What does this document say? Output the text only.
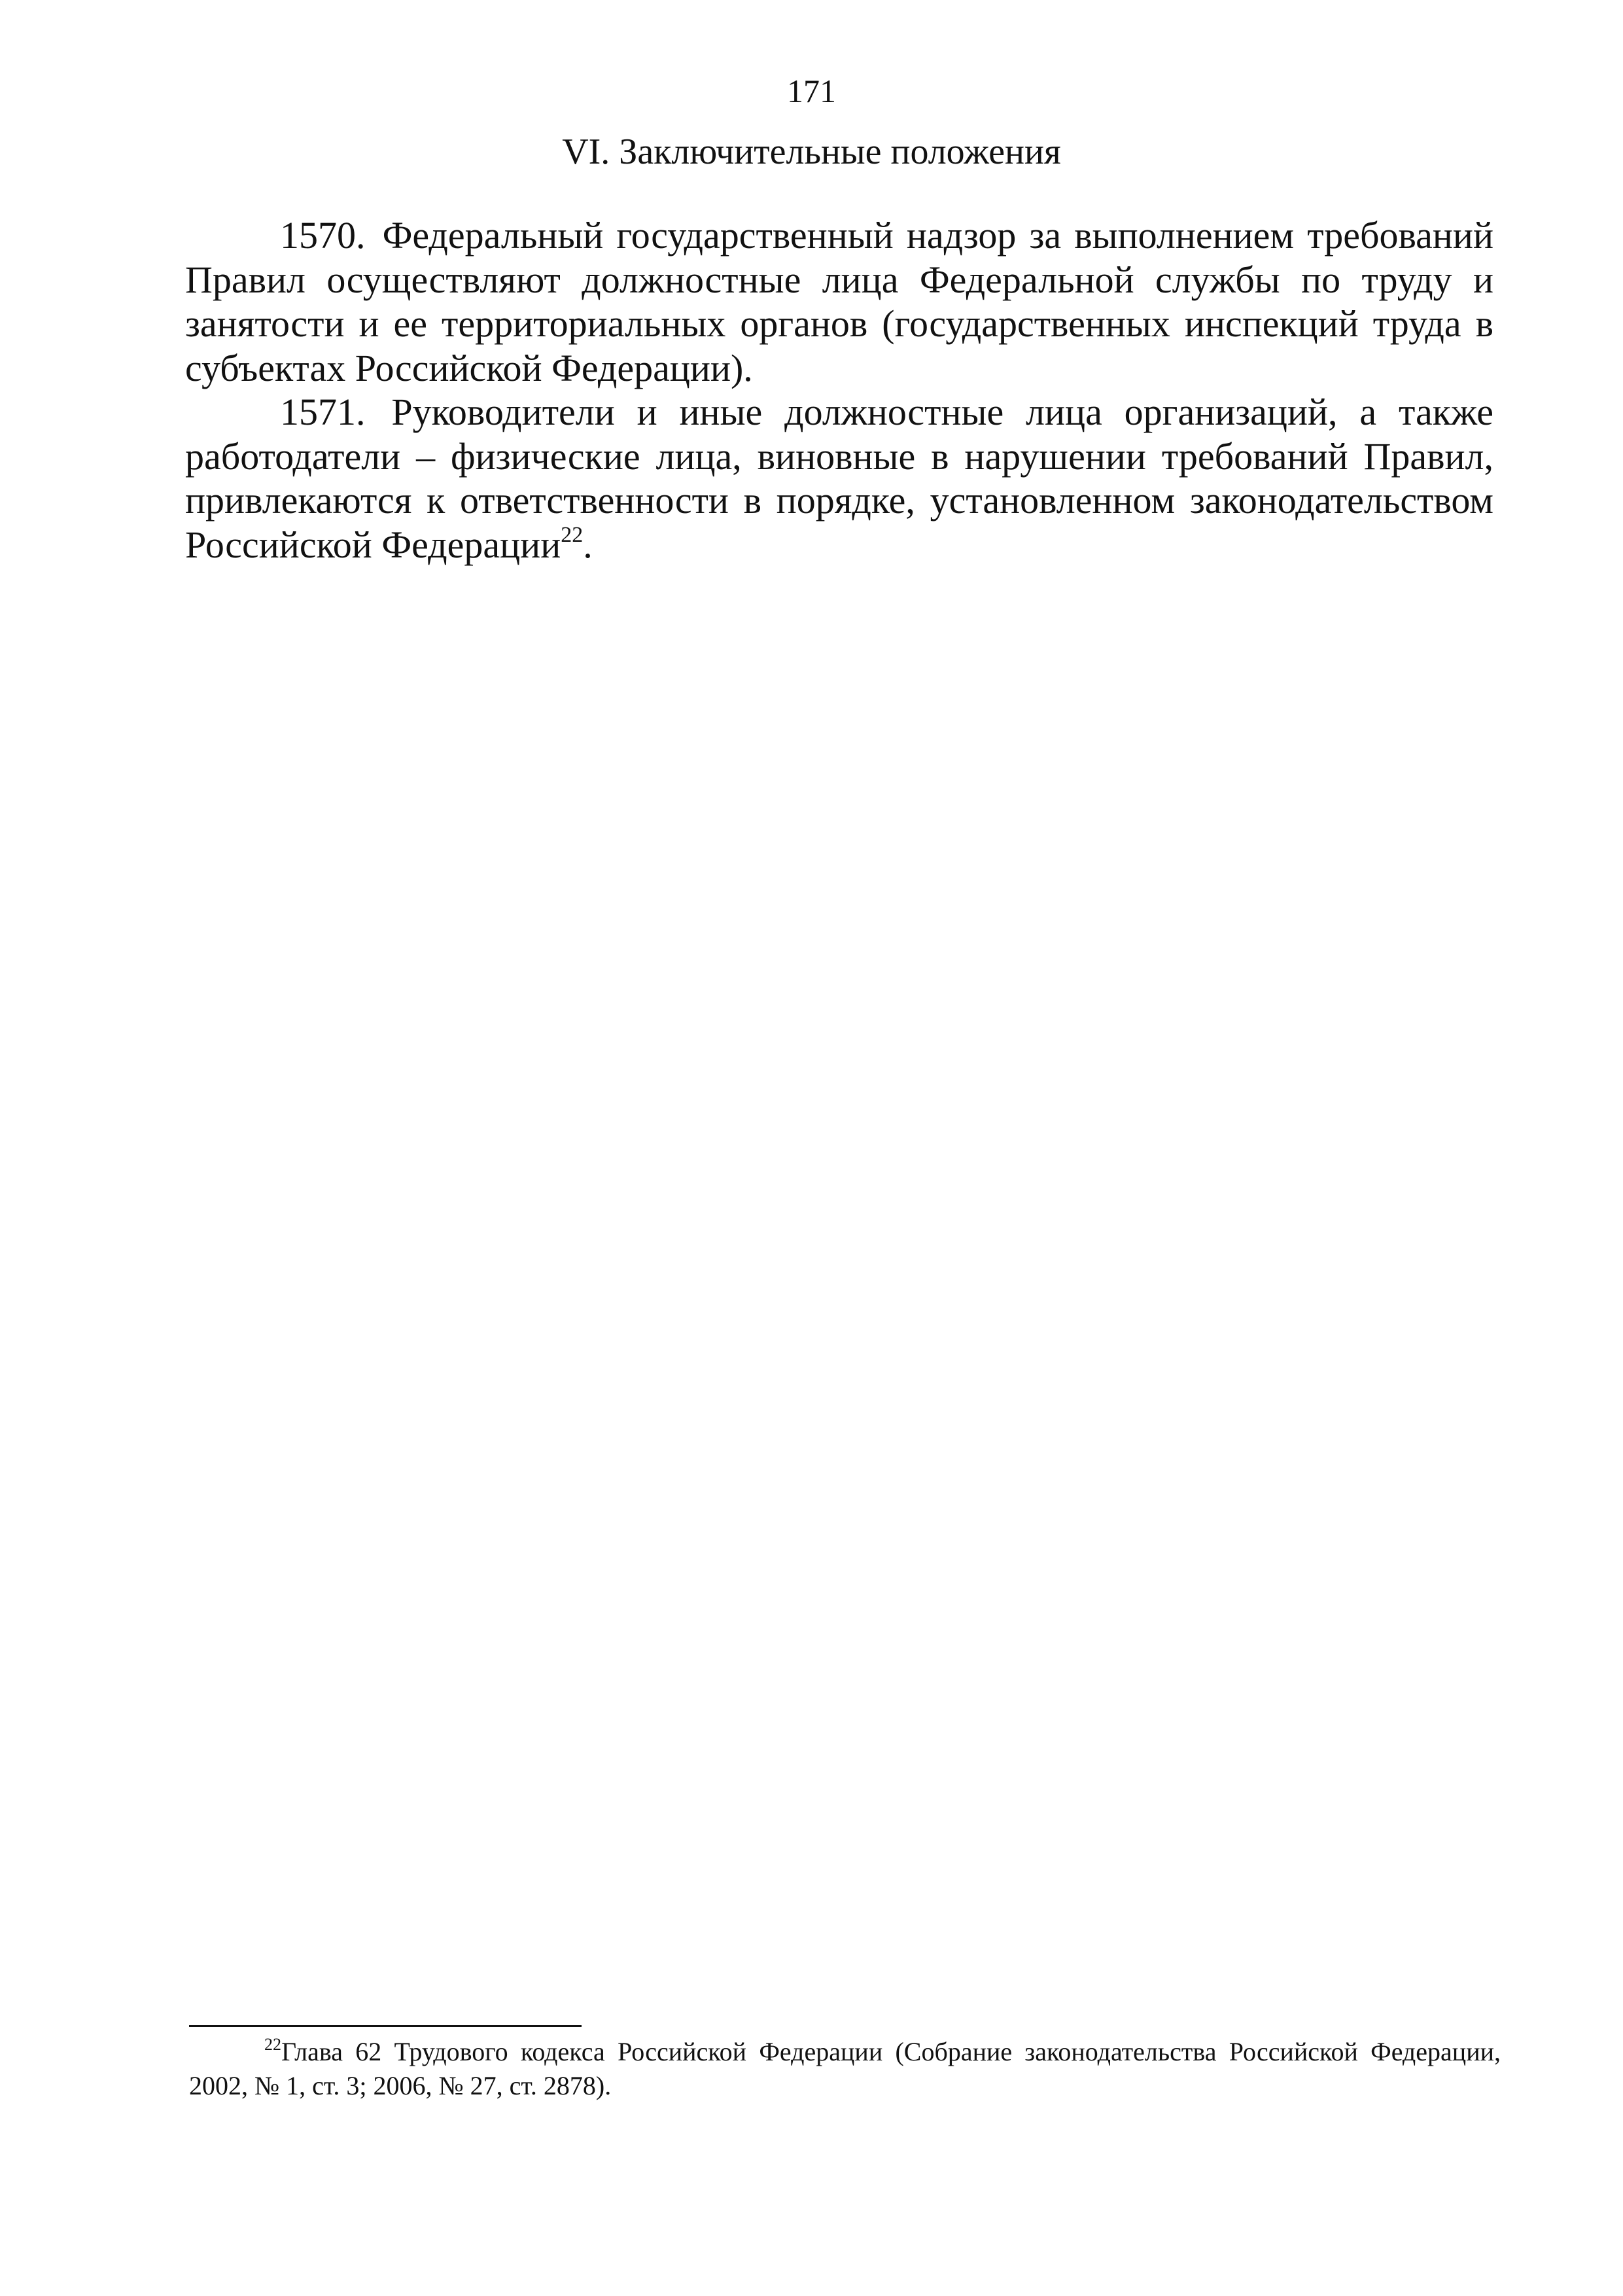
171
VI. Заключительные положения

1570. Федеральный государственный надзор за выполнением требований Правил осуществляют должностные лица Федеральной службы по труду и занятости и ее территориальных органов (государственных инспекций труда в субъектах Российской Федерации).

1571. Руководители и иные должностные лица организаций, а также работодатели – физические лица, виновные в нарушении требований Правил, привлекаются к ответственности в порядке, установленном законодательством Российской Федерации$^{22}$.

$^{22}$Глава 62 Трудового кодекса Российской Федерации (Собрание законодательства Российской Федерации, 2002, № 1, ст. 3; 2006, № 27, ст. 2878).
